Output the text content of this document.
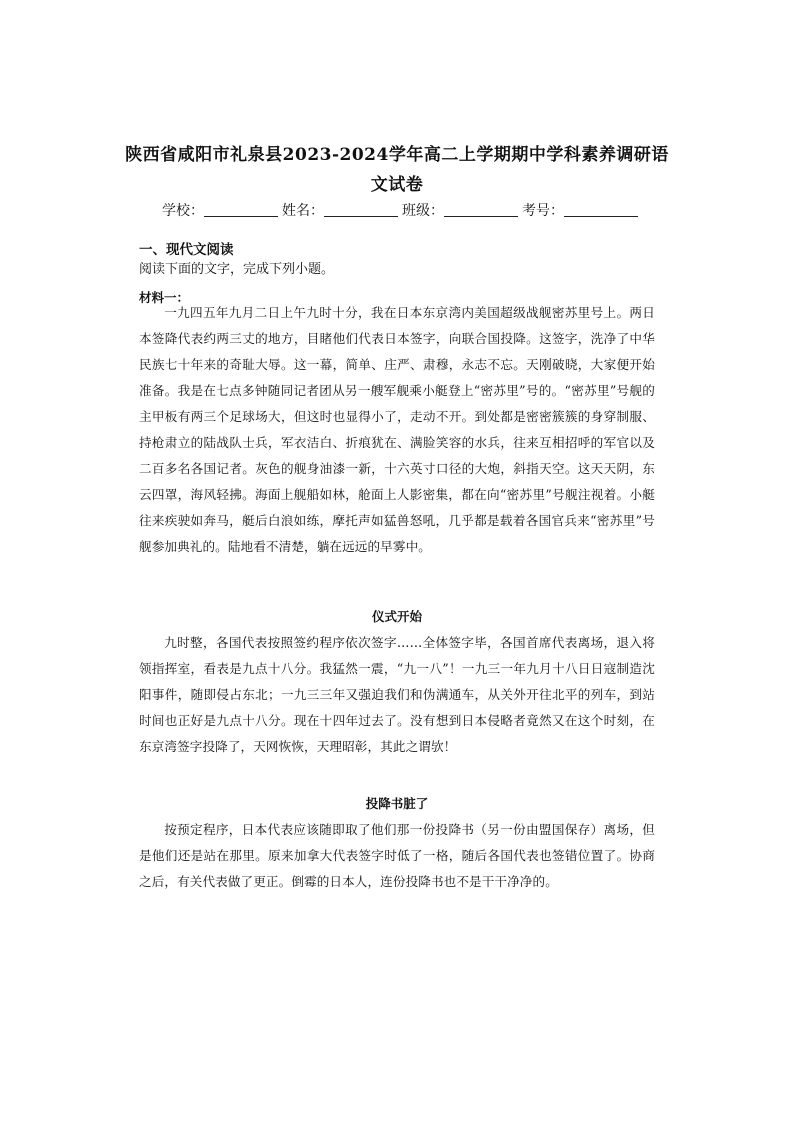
陕西省咸阳市礼泉县2023-2024学年高二上学期期中学科素养调研语文试卷
学校：	姓名：	班级：	考号：
一、现代文阅读
阅读下面的文字，完成下列小题。
材料一：

一九四五年九月二日上午九时十分，我在日本东京湾内美国超级战舰密苏里号上。两日本签降代表约两三丈的地方，目睹他们代表日本签字，向联合国投降。这签字，洗净了中华民族七十年来的奇耻大辱。这一幕，简单、庄严、肃穆，永志不忘。天刚破晓，大家便开始准备。我是在七点多钟随同记者团从另一艘军舰乘小艇登上“密苏里”号的。“密苏里”号舰的主甲板有两三个足球场大，但这时也显得小了，走动不开。到处都是密密簇簇的身穿制服、持枪肃立的陆战队士兵，军衣洁白、折痕犹在、满脸笑容的水兵，往来互相招呼的军官以及二百多名各国记者。灰色的舰身油漆一新，十六英寸口径的大炮，斜指天空。这天天阴，东云四罩，海风轻拂。海面上舰船如林，舱面上人影密集，都在向“密苏里”号舰注视着。小艇往来疾驶如奔马，艇后白浪如练，摩托声如猛兽怒吼，几乎都是载着各国官兵来“密苏里”号舰参加典礼的。陆地看不清楚，躺在远远的早雾中。

仪式开始

九时整，各国代表按照签约程序依次签字……全体签字毕，各国首席代表离场，退入将领指挥室，看表是九点十八分。我猛然一震，“九一八”！一九三一年九月十八日日寇制造沈阳事件，随即侵占东北；一九三三年又强迫我们和伪满通车，从关外开往北平的列车，到站时间也正好是九点十八分。现在十四年过去了。没有想到日本侵略者竟然又在这个时刻，在东京湾签字投降了，天网恢恢，天理昭彰，其此之谓欤！

投降书脏了

按预定程序，日本代表应该随即取了他们那一份投降书（另一份由盟国保存）离场，但是他们还是站在那里。原来加拿大代表签字时低了一格，随后各国代表也签错位置了。协商之后，有关代表做了更正。倒霉的日本人，连份投降书也不是干干净净的。
